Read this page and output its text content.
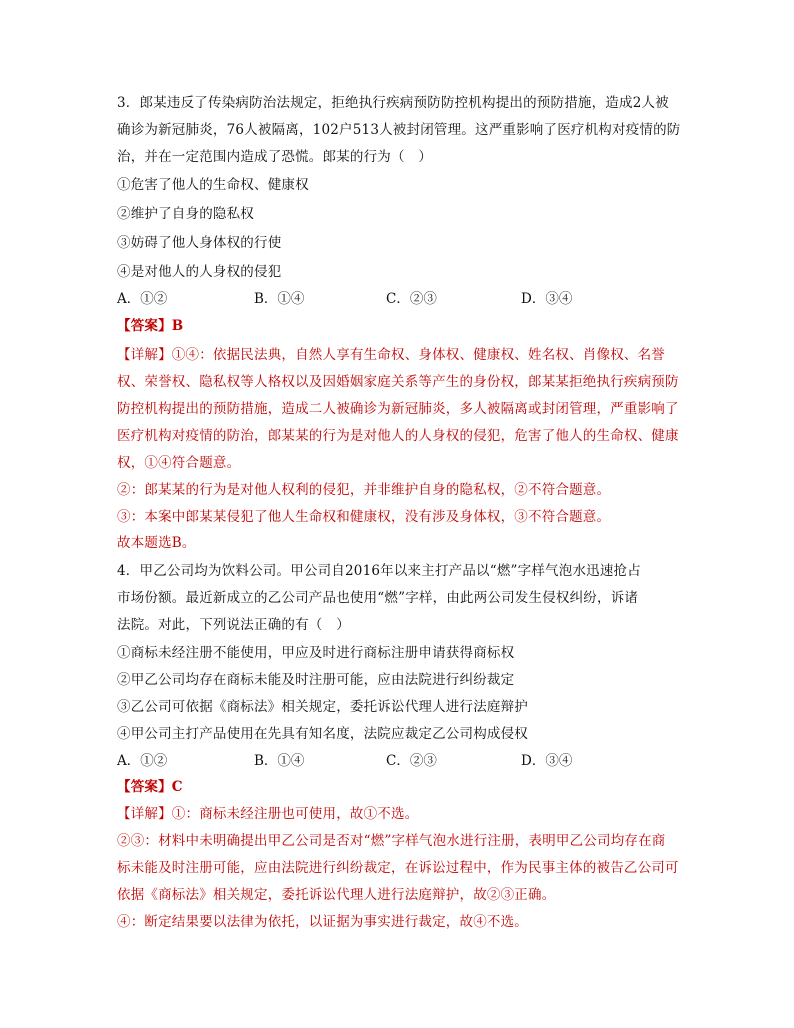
3．郎某违反了传染病防治法规定，拒绝执行疾病预防防控机构提出的预防措施，造成2人被
确诊为新冠肺炎，76人被隔离，102户513人被封闭管理。这严重影响了医疗机构对疫情的防
治，并在一定范围内造成了恐慌。郎某的行为（　）
①危害了他人的生命权、健康权
②维护了自身的隐私权
③妨碍了他人身体权的行使
④是对他人的人身权的侵犯
A．①②	B．①④	C．②③	D．③④
【答案】B
【详解】①④：依据民法典，自然人享有生命权、身体权、健康权、姓名权、肖像权、名誉
权、荣誉权、隐私权等人格权以及因婚姻家庭关系等产生的身份权，郎某某拒绝执行疾病预防
防控机构提出的预防措施，造成二人被确诊为新冠肺炎，多人被隔离或封闭管理，严重影响了
医疗机构对疫情的防治，郎某某的行为是对他人的人身权的侵犯，危害了他人的生命权、健康
权，①④符合题意。
②：郎某某的行为是对他人权利的侵犯，并非维护自身的隐私权，②不符合题意。
③：本案中郎某某侵犯了他人生命权和健康权，没有涉及身体权，③不符合题意。
故本题选B。
4．甲乙公司均为饮料公司。甲公司自2016年以来主打产品以“燃”字样气泡水迅速抢占
市场份额。最近新成立的乙公司产品也使用“燃”字样，由此两公司发生侵权纠纷，诉诸
法院。对此，下列说法正确的有（　）
①商标未经注册不能使用，甲应及时进行商标注册申请获得商标权
②甲乙公司均存在商标未能及时注册可能，应由法院进行纠纷裁定
③乙公司可依据《商标法》相关规定，委托诉讼代理人进行法庭辩护
④甲公司主打产品使用在先具有知名度，法院应裁定乙公司构成侵权
A．①②	B．①④	C．②③	D．③④
【答案】C
【详解】①：商标未经注册也可使用，故①不选。
②③：材料中未明确提出甲乙公司是否对“燃”字样气泡水进行注册，表明甲乙公司均存在商
标未能及时注册可能，应由法院进行纠纷裁定，在诉讼过程中，作为民事主体的被告乙公司可
依据《商标法》相关规定，委托诉讼代理人进行法庭辩护，故②③正确。
④：断定结果要以法律为依托，以证据为事实进行裁定，故④不选。
